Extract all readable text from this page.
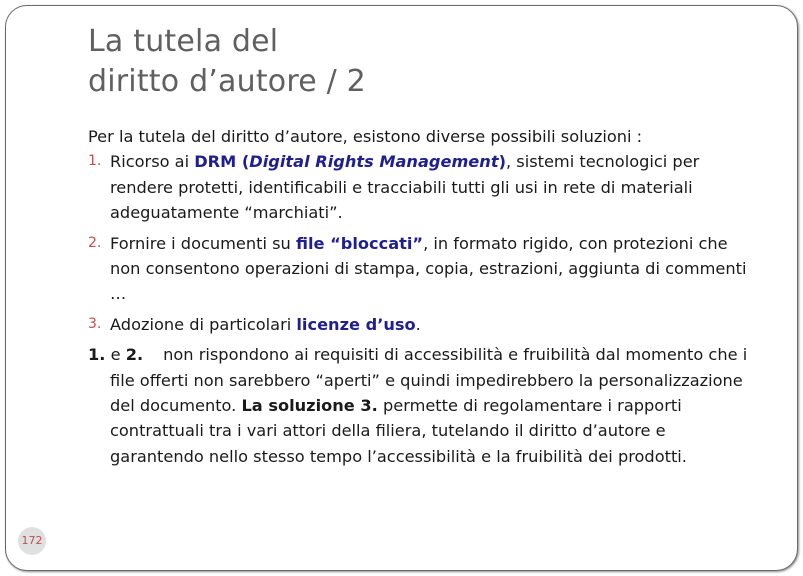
La tutela del
diritto d’autore / 2

Per la tutela del diritto d’autore, esistono diverse possibili soluzioni :

1. Ricorso ai DRM (Digital Rights Management), sistemi tecnologici per rendere protetti, identificabili e tracciabili tutti gli usi in rete di materiali adeguatamente “marchiati”.
2. Fornire i documenti su file “bloccati”, in formato rigido, con protezioni che non consentono operazioni di stampa, copia, estrazioni, aggiunta di commenti …
3. Adozione di particolari licenze d’uso.

1. e 2. non rispondono ai requisiti di accessibilità e fruibilità dal momento che i file offerti non sarebbero “aperti” e quindi impedirebbero la personalizzazione del documento. La soluzione 3. permette di regolamentare i rapporti contrattuali tra i vari attori della filiera, tutelando il diritto d’autore e garantendo nello stesso tempo l’accessibilità e la fruibilità dei prodotti.

172
